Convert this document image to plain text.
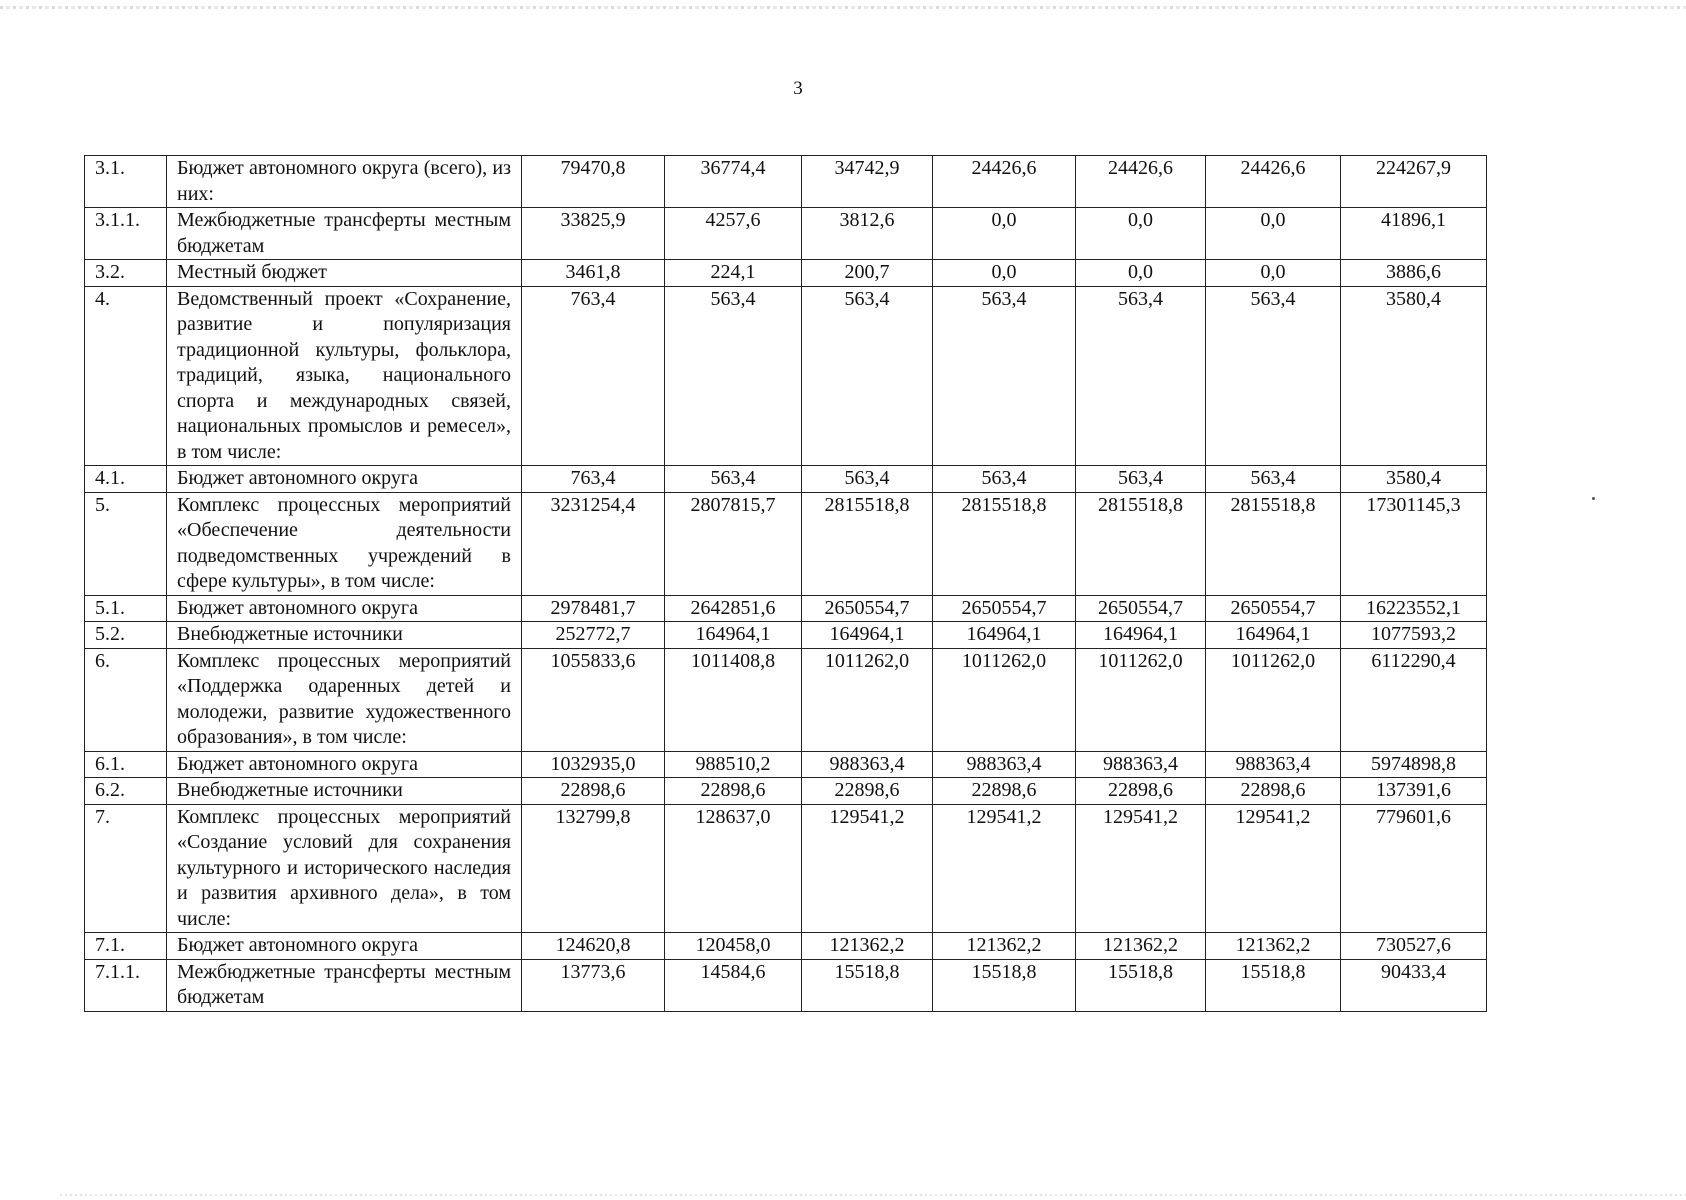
3
3.1.	Бюджет автономного округа (всего), из них:	79470,8	36774,4	34742,9	24426,6	24426,6	24426,6	224267,9
3.1.1.	Межбюджетные трансферты местным бюджетам	33825,9	4257,6	3812,6	0,0	0,0	0,0	41896,1
3.2.	Местный бюджет	3461,8	224,1	200,7	0,0	0,0	0,0	3886,6
4.	Ведомственный проект «Сохранение, развитие и популяризация традиционной культуры, фольклора, традиций, языка, национального спорта и международных связей, национальных промыслов и ремесел», в том числе:	763,4	563,4	563,4	563,4	563,4	563,4	3580,4
4.1.	Бюджет автономного округа	763,4	563,4	563,4	563,4	563,4	563,4	3580,4
5.	Комплекс процессных мероприятий «Обеспечение деятельности подведомственных учреждений в сфере культуры», в том числе:	3231254,4	2807815,7	2815518,8	2815518,8	2815518,8	2815518,8	17301145,3
5.1.	Бюджет автономного округа	2978481,7	2642851,6	2650554,7	2650554,7	2650554,7	2650554,7	16223552,1
5.2.	Внебюджетные источники	252772,7	164964,1	164964,1	164964,1	164964,1	164964,1	1077593,2
6.	Комплекс процессных мероприятий «Поддержка одаренных детей и молодежи, развитие художественного образования», в том числе:	1055833,6	1011408,8	1011262,0	1011262,0	1011262,0	1011262,0	6112290,4
6.1.	Бюджет автономного округа	1032935,0	988510,2	988363,4	988363,4	988363,4	988363,4	5974898,8
6.2.	Внебюджетные источники	22898,6	22898,6	22898,6	22898,6	22898,6	22898,6	137391,6
7.	Комплекс процессных мероприятий «Создание условий для сохранения культурного и исторического наследия и развития архивного дела», в том числе:	132799,8	128637,0	129541,2	129541,2	129541,2	129541,2	779601,6
7.1.	Бюджет автономного округа	124620,8	120458,0	121362,2	121362,2	121362,2	121362,2	730527,6
7.1.1.	Межбюджетные трансферты местным бюджетам	13773,6	14584,6	15518,8	15518,8	15518,8	15518,8	90433,4
